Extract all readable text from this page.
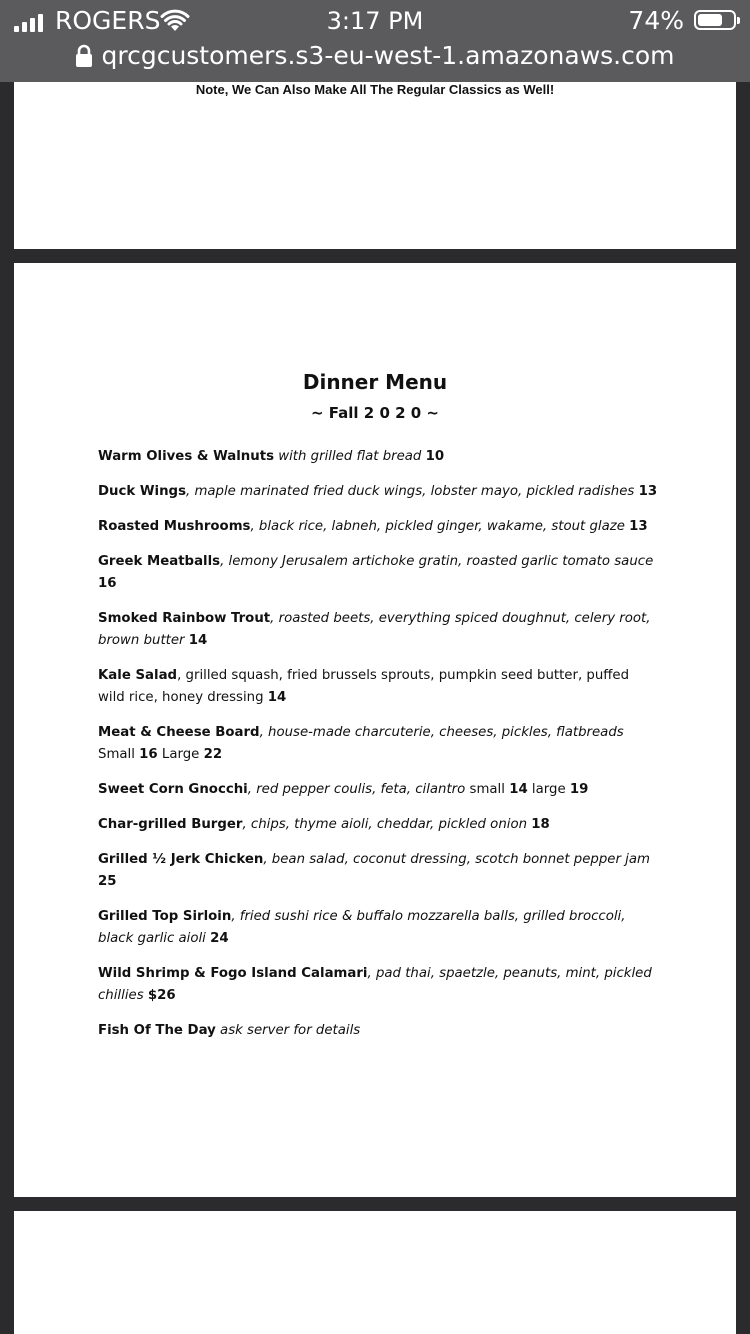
ROGERS	3:17 PM	74%
qrcgcustomers.s3-eu-west-1.amazonaws.com
Note, We Can Also Make All The Regular Classics as Well!
Dinner Menu
~ Fall 2 0 2 0 ~

Warm Olives & Walnuts with grilled flat bread 10

Duck Wings, maple marinated fried duck wings, lobster mayo, pickled radishes 13

Roasted Mushrooms, black rice, labneh, pickled ginger, wakame, stout glaze 13

Greek Meatballs, lemony Jerusalem artichoke gratin, roasted garlic tomato sauce 16

Smoked Rainbow Trout, roasted beets, everything spiced doughnut, celery root, brown butter 14

Kale Salad, grilled squash, fried brussels sprouts, pumpkin seed butter, puffed wild rice, honey dressing 14

Meat & Cheese Board, house-made charcuterie, cheeses, pickles, flatbreads Small 16 Large 22

Sweet Corn Gnocchi, red pepper coulis, feta, cilantro small 14 large 19

Char-grilled Burger, chips, thyme aioli, cheddar, pickled onion 18

Grilled ½ Jerk Chicken, bean salad, coconut dressing, scotch bonnet pepper jam 25

Grilled Top Sirloin, fried sushi rice & buffalo mozzarella balls, grilled broccoli, black garlic aioli 24

Wild Shrimp & Fogo Island Calamari, pad thai, spaetzle, peanuts, mint, pickled chillies $26

Fish Of The Day ask server for details
